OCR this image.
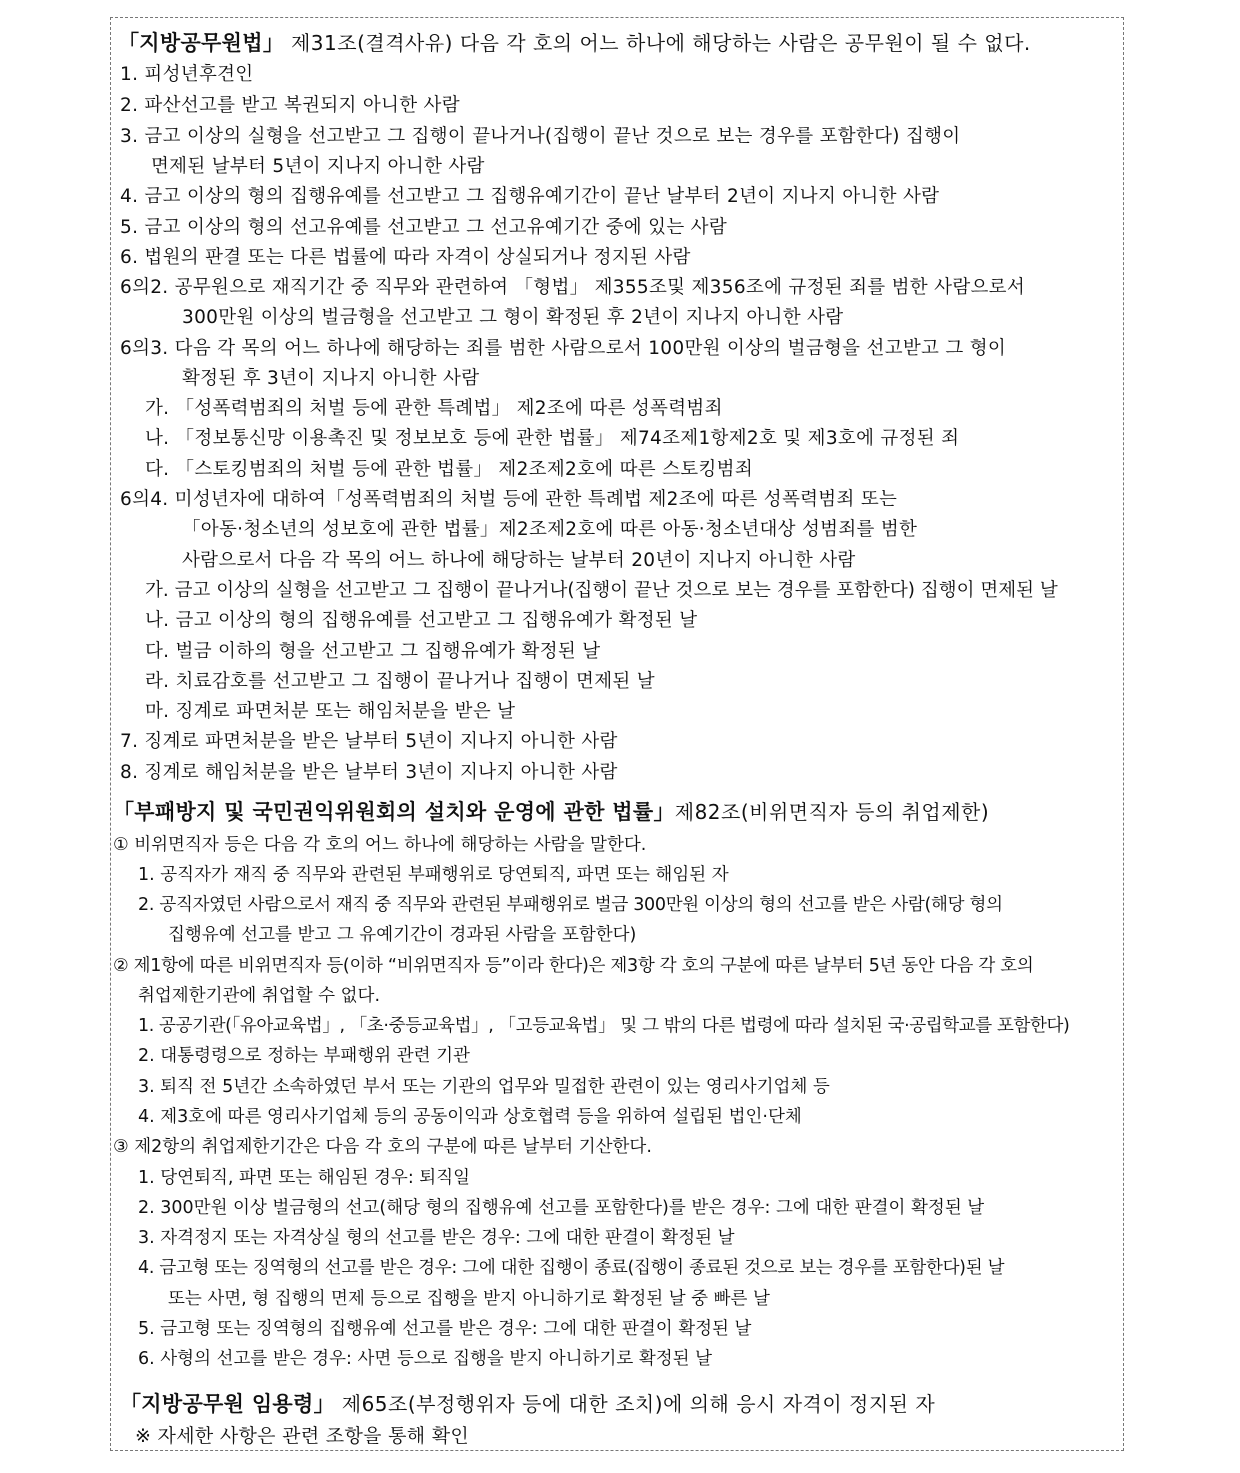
「지방공무원법」 제31조(결격사유) 다음 각 호의 어느 하나에 해당하는 사람은 공무원이 될 수 없다.
1. 피성년후견인
2. 파산선고를 받고 복권되지 아니한 사람
3. 금고 이상의 실형을 선고받고 그 집행이 끝나거나(집행이 끝난 것으로 보는 경우를 포함한다) 집행이
면제된 날부터 5년이 지나지 아니한 사람
4. 금고 이상의 형의 집행유예를 선고받고 그 집행유예기간이 끝난 날부터 2년이 지나지 아니한 사람
5. 금고 이상의 형의 선고유예를 선고받고 그 선고유예기간 중에 있는 사람
6. 법원의 판결 또는 다른 법률에 따라 자격이 상실되거나 정지된 사람
6의2. 공무원으로 재직기간 중 직무와 관련하여 「형법」 제355조및 제356조에 규정된 죄를 범한 사람으로서
300만원 이상의 벌금형을 선고받고 그 형이 확정된 후 2년이 지나지 아니한 사람
6의3. 다음 각 목의 어느 하나에 해당하는 죄를 범한 사람으로서 100만원 이상의 벌금형을 선고받고 그 형이
확정된 후 3년이 지나지 아니한 사람
가. 「성폭력범죄의 처벌 등에 관한 특례법」 제2조에 따른 성폭력범죄
나. 「정보통신망 이용촉진 및 정보보호 등에 관한 법률」 제74조제1항제2호 및 제3호에 규정된 죄
다. 「스토킹범죄의 처벌 등에 관한 법률」 제2조제2호에 따른 스토킹범죄
6의4. 미성년자에 대하여「성폭력범죄의 처벌 등에 관한 특례법 제2조에 따른 성폭력범죄 또는
「아동·청소년의 성보호에 관한 법률」제2조제2호에 따른 아동·청소년대상 성범죄를 범한
사람으로서 다음 각 목의 어느 하나에 해당하는 날부터 20년이 지나지 아니한 사람
가. 금고 이상의 실형을 선고받고 그 집행이 끝나거나(집행이 끝난 것으로 보는 경우를 포함한다) 집행이 면제된 날
나. 금고 이상의 형의 집행유예를 선고받고 그 집행유예가 확정된 날
다. 벌금 이하의 형을 선고받고 그 집행유예가 확정된 날
라. 치료감호를 선고받고 그 집행이 끝나거나 집행이 면제된 날
마. 징계로 파면처분 또는 해임처분을 받은 날
7. 징계로 파면처분을 받은 날부터 5년이 지나지 아니한 사람
8. 징계로 해임처분을 받은 날부터 3년이 지나지 아니한 사람
「부패방지 및 국민권익위원회의 설치와 운영에 관한 법률」제82조(비위면직자 등의 취업제한)
① 비위면직자 등은 다음 각 호의 어느 하나에 해당하는 사람을 말한다.
1. 공직자가 재직 중 직무와 관련된 부패행위로 당연퇴직, 파면 또는 해임된 자
2. 공직자였던 사람으로서 재직 중 직무와 관련된 부패행위로 벌금 300만원 이상의 형의 선고를 받은 사람(해당 형의
집행유예 선고를 받고 그 유예기간이 경과된 사람을 포함한다)
② 제1항에 따른 비위면직자 등(이하 “비위면직자 등”이라 한다)은 제3항 각 호의 구분에 따른 날부터 5년 동안 다음 각 호의
취업제한기관에 취업할 수 없다.
1. 공공기관(「유아교육법」, 「초·중등교육법」, 「고등교육법」 및 그 밖의 다른 법령에 따라 설치된 국·공립학교를 포함한다)
2. 대통령령으로 정하는 부패행위 관련 기관
3. 퇴직 전 5년간 소속하였던 부서 또는 기관의 업무와 밀접한 관련이 있는 영리사기업체 등
4. 제3호에 따른 영리사기업체 등의 공동이익과 상호협력 등을 위하여 설립된 법인·단체
③ 제2항의 취업제한기간은 다음 각 호의 구분에 따른 날부터 기산한다.
1. 당연퇴직, 파면 또는 해임된 경우: 퇴직일
2. 300만원 이상 벌금형의 선고(해당 형의 집행유예 선고를 포함한다)를 받은 경우: 그에 대한 판결이 확정된 날
3. 자격정지 또는 자격상실 형의 선고를 받은 경우: 그에 대한 판결이 확정된 날
4. 금고형 또는 징역형의 선고를 받은 경우: 그에 대한 집행이 종료(집행이 종료된 것으로 보는 경우를 포함한다)된 날
또는 사면, 형 집행의 면제 등으로 집행을 받지 아니하기로 확정된 날 중 빠른 날
5. 금고형 또는 징역형의 집행유예 선고를 받은 경우: 그에 대한 판결이 확정된 날
6. 사형의 선고를 받은 경우: 사면 등으로 집행을 받지 아니하기로 확정된 날
「지방공무원 임용령」 제65조(부정행위자 등에 대한 조치)에 의해 응시 자격이 정지된 자
※ 자세한 사항은 관련 조항을 통해 확인
